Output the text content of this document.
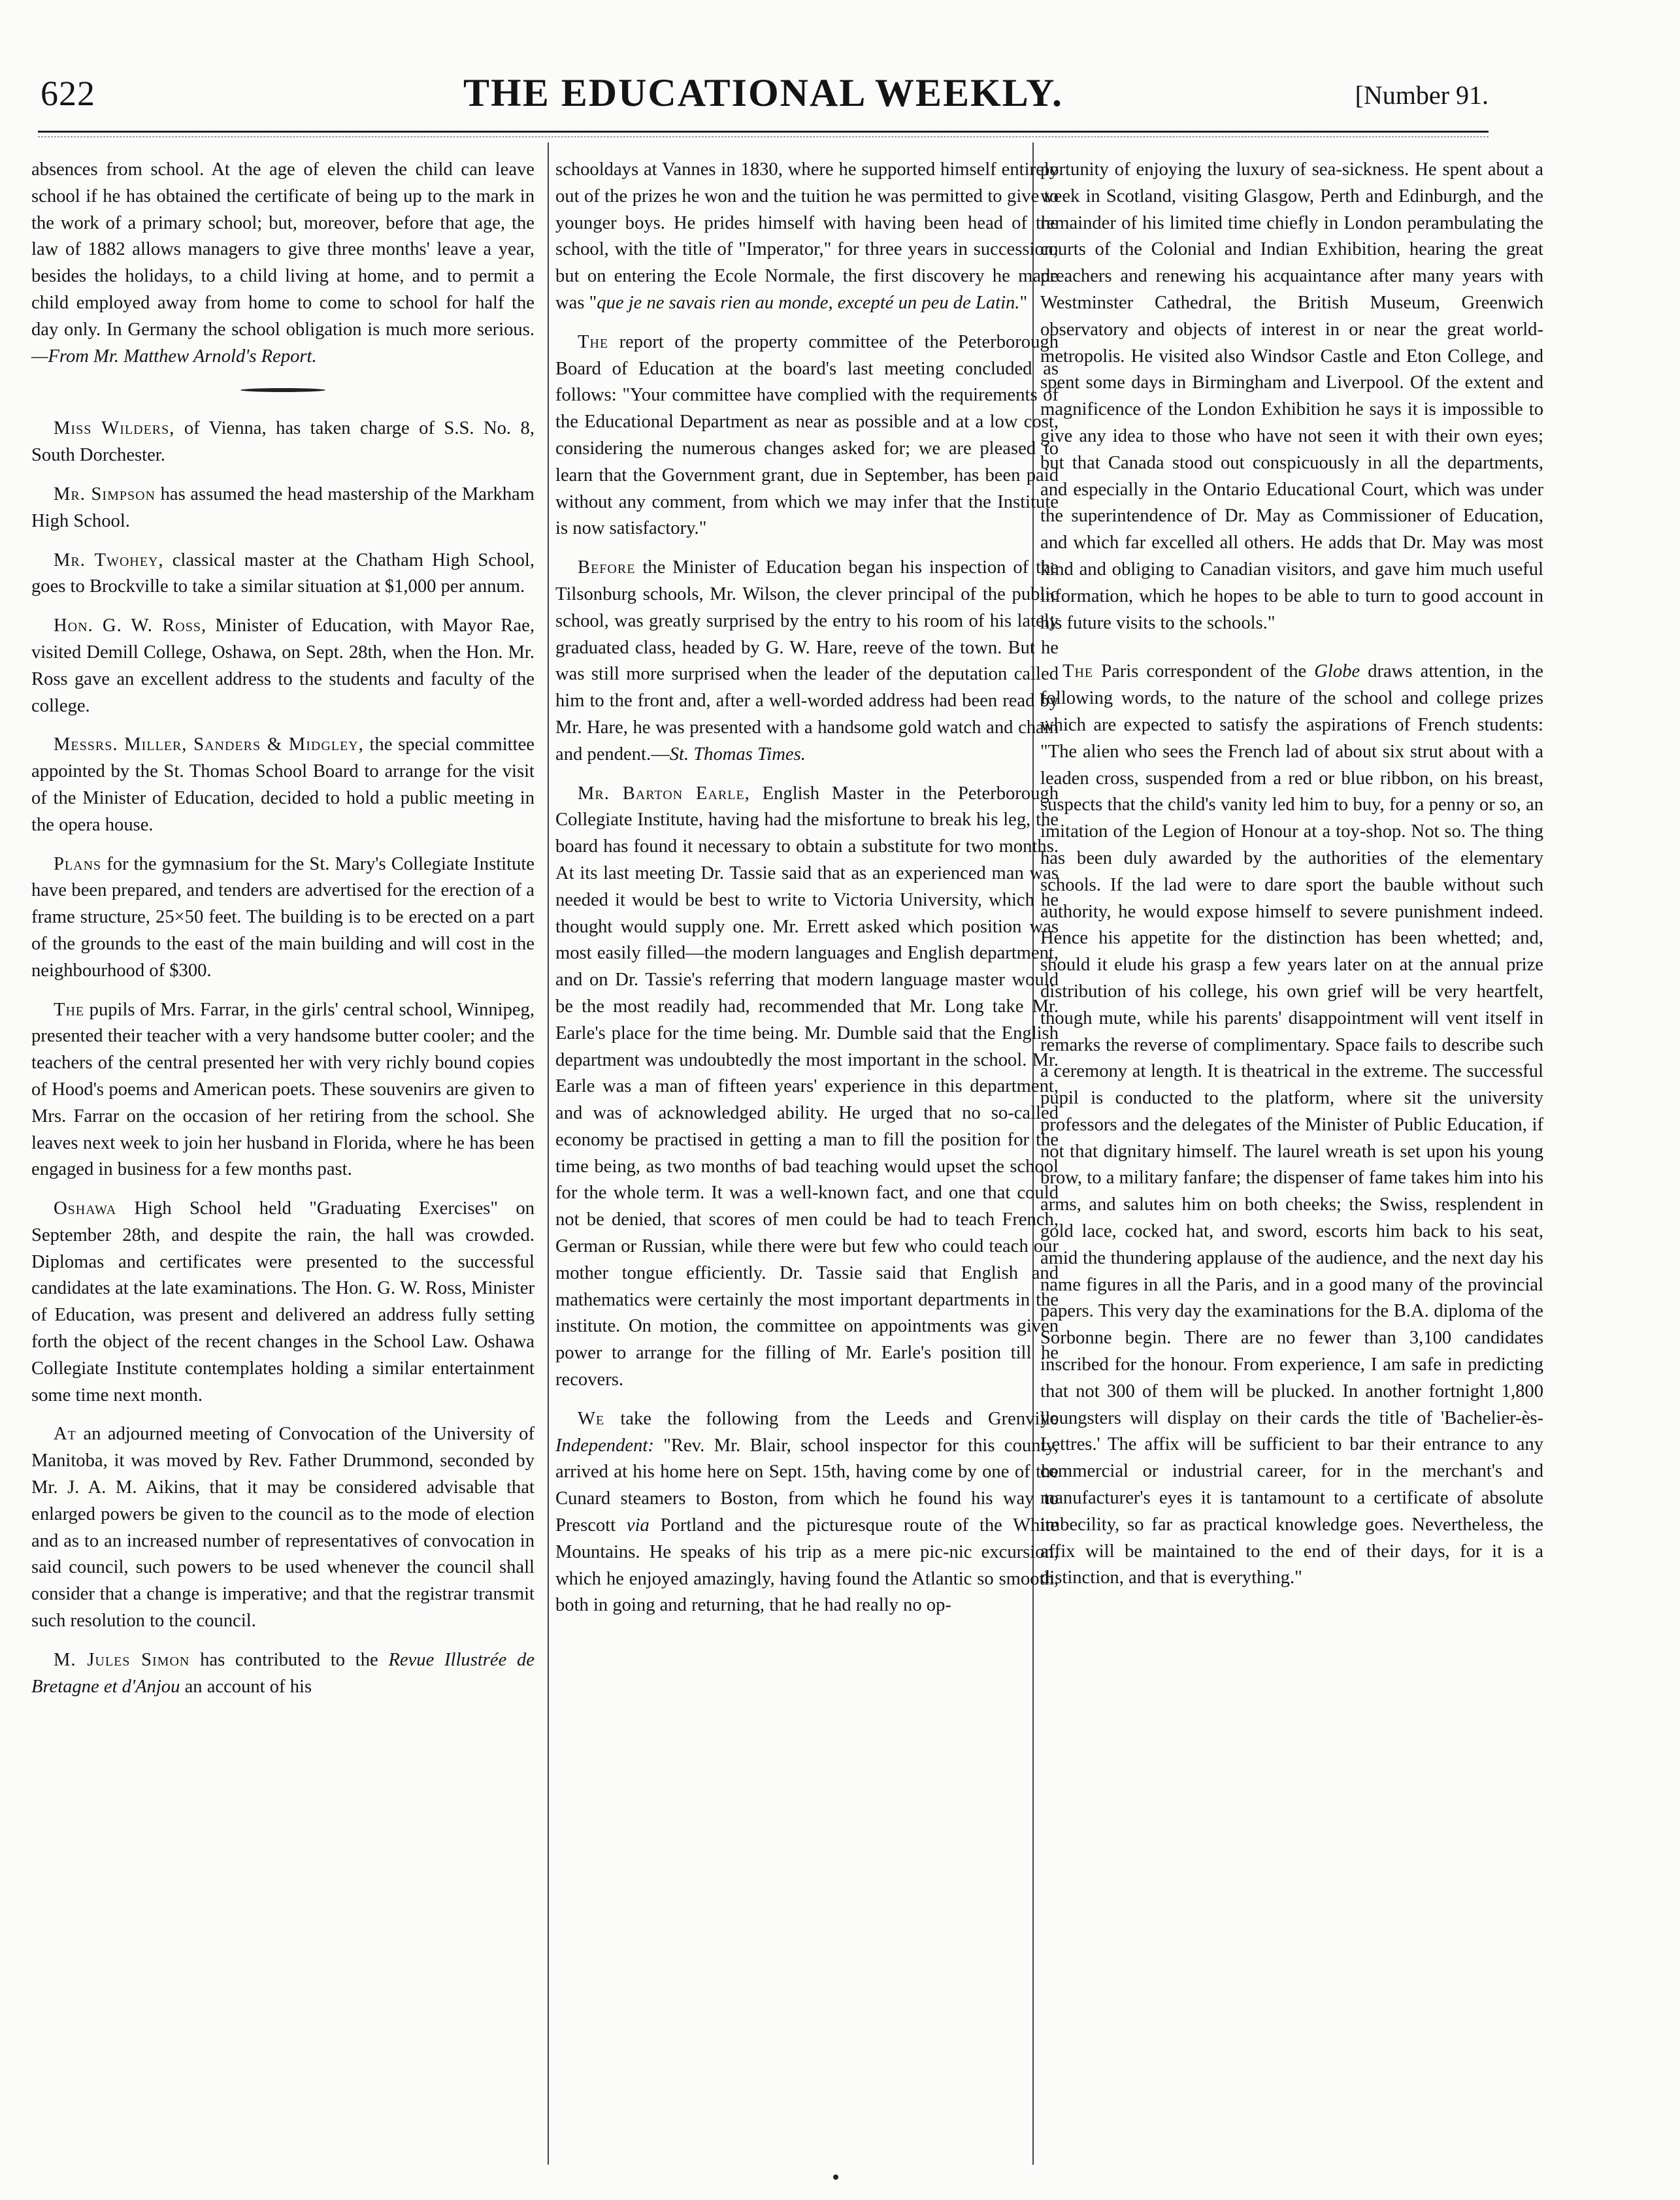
622	THE EDUCATIONAL WEEKLY.	[Number 91.

absences from school. At the age of eleven the child can leave school if he has obtained the certificate of being up to the mark in the work of a primary school; but, moreover, before that age, the law of 1882 allows managers to give three months' leave a year, besides the holidays, to a child living at home, and to permit a child employed away from home to come to school for half the day only. In Germany the school obligation is much more serious.—From Mr. Matthew Arnold's Report.

Miss Wilders, of Vienna, has taken charge of S.S. No. 8, South Dorchester.

Mr. Simpson has assumed the head mastership of the Markham High School.

Mr. Twohey, classical master at the Chatham High School, goes to Brockville to take a similar situation at $1,000 per annum.

Hon. G. W. Ross, Minister of Education, with Mayor Rae, visited Demill College, Oshawa, on Sept. 28th, when the Hon. Mr. Ross gave an excellent address to the students and faculty of the college.

Messrs. Miller, Sanders & Midgley, the special committee appointed by the St. Thomas School Board to arrange for the visit of the Minister of Education, decided to hold a public meeting in the opera house.

Plans for the gymnasium for the St. Mary's Collegiate Institute have been prepared, and tenders are advertised for the erection of a frame structure, 25×50 feet. The building is to be erected on a part of the grounds to the east of the main building and will cost in the neighbourhood of $300.

The pupils of Mrs. Farrar, in the girls' central school, Winnipeg, presented their teacher with a very handsome butter cooler; and the teachers of the central presented her with very richly bound copies of Hood's poems and American poets. These souvenirs are given to Mrs. Farrar on the occasion of her retiring from the school. She leaves next week to join her husband in Florida, where he has been engaged in business for a few months past.

Oshawa High School held "Graduating Exercises" on September 28th, and despite the rain, the hall was crowded. Diplomas and certificates were presented to the successful candidates at the late examinations. The Hon. G. W. Ross, Minister of Education, was present and delivered an address fully setting forth the object of the recent changes in the School Law. Oshawa Collegiate Institute contemplates holding a similar entertainment some time next month.

At an adjourned meeting of Convocation of the University of Manitoba, it was moved by Rev. Father Drummond, seconded by Mr. J. A. M. Aikins, that it may be considered advisable that enlarged powers be given to the council as to the mode of election and as to an increased number of representatives of convocation in said council, such powers to be used whenever the council shall consider that a change is imperative; and that the registrar transmit such resolution to the council.

M. Jules Simon has contributed to the Revue Illustrée de Bretagne et d'Anjou an account of his

schooldays at Vannes in 1830, where he supported himself entirely out of the prizes he won and the tuition he was permitted to give to younger boys. He prides himself with having been head of the school, with the title of "Imperator," for three years in succession; but on entering the Ecole Normale, the first discovery he made was "que je ne savais rien au monde, excepté un peu de Latin."

The report of the property committee of the Peterborough Board of Education at the board's last meeting concluded as follows: "Your committee have complied with the requirements of the Educational Department as near as possible and at a low cost, considering the numerous changes asked for; we are pleased to learn that the Government grant, due in September, has been paid without any comment, from which we may infer that the Institute is now satisfactory."

Before the Minister of Education began his inspection of the Tilsonburg schools, Mr. Wilson, the clever principal of the public school, was greatly surprised by the entry to his room of his lately graduated class, headed by G. W. Hare, reeve of the town. But he was still more surprised when the leader of the deputation called him to the front and, after a well-worded address had been read by Mr. Hare, he was presented with a handsome gold watch and chain and pendent.—St. Thomas Times.

Mr. Barton Earle, English Master in the Peterborough Collegiate Institute, having had the misfortune to break his leg, the board has found it necessary to obtain a substitute for two months. At its last meeting Dr. Tassie said that as an experienced man was needed it would be best to write to Victoria University, which he thought would supply one. Mr. Errett asked which position was most easily filled—the modern languages and English department, and on Dr. Tassie's referring that modern language master would be the most readily had, recommended that Mr. Long take Mr. Earle's place for the time being. Mr. Dumble said that the English department was undoubtedly the most important in the school. Mr. Earle was a man of fifteen years' experience in this department, and was of acknowledged ability. He urged that no so-called economy be practised in getting a man to fill the position for the time being, as two months of bad teaching would upset the school for the whole term. It was a well-known fact, and one that could not be denied, that scores of men could be had to teach French, German or Russian, while there were but few who could teach our mother tongue efficiently. Dr. Tassie said that English and mathematics were certainly the most important departments in the institute. On motion, the committee on appointments was given power to arrange for the filling of Mr. Earle's position till he recovers.

We take the following from the Leeds and Grenville Independent: "Rev. Mr. Blair, school inspector for this county, arrived at his home here on Sept. 15th, having come by one of the Cunard steamers to Boston, from which he found his way to Prescott via Portland and the picturesque route of the White Mountains. He speaks of his trip as a mere pic-nic excursion, which he enjoyed amazingly, having found the Atlantic so smooth, both in going and returning, that he had really no op-

portunity of enjoying the luxury of sea-sickness. He spent about a week in Scotland, visiting Glasgow, Perth and Edinburgh, and the remainder of his limited time chiefly in London perambulating the courts of the Colonial and Indian Exhibition, hearing the great preachers and renewing his acquaintance after many years with Westminster Cathedral, the British Museum, Greenwich observatory and objects of interest in or near the great world-metropolis. He visited also Windsor Castle and Eton College, and spent some days in Birmingham and Liverpool. Of the extent and magnificence of the London Exhibition he says it is impossible to give any idea to those who have not seen it with their own eyes; but that Canada stood out conspicuously in all the departments, and especially in the Ontario Educational Court, which was under the superintendence of Dr. May as Commissioner of Education, and which far excelled all others. He adds that Dr. May was most kind and obliging to Canadian visitors, and gave him much useful information, which he hopes to be able to turn to good account in his future visits to the schools."

The Paris correspondent of the Globe draws attention, in the following words, to the nature of the school and college prizes which are expected to satisfy the aspirations of French students: "The alien who sees the French lad of about six strut about with a leaden cross, suspended from a red or blue ribbon, on his breast, suspects that the child's vanity led him to buy, for a penny or so, an imitation of the Legion of Honour at a toy-shop. Not so. The thing has been duly awarded by the authorities of the elementary schools. If the lad were to dare sport the bauble without such authority, he would expose himself to severe punishment indeed. Hence his appetite for the distinction has been whetted; and, should it elude his grasp a few years later on at the annual prize distribution of his college, his own grief will be very heartfelt, though mute, while his parents' disappointment will vent itself in remarks the reverse of complimentary. Space fails to describe such a ceremony at length. It is theatrical in the extreme. The successful pupil is conducted to the platform, where sit the university professors and the delegates of the Minister of Public Education, if not that dignitary himself. The laurel wreath is set upon his young brow, to a military fanfare; the dispenser of fame takes him into his arms, and salutes him on both cheeks; the Swiss, resplendent in gold lace, cocked hat, and sword, escorts him back to his seat, amid the thundering applause of the audience, and the next day his name figures in all the Paris, and in a good many of the provincial papers. This very day the examinations for the B.A. diploma of the Sorbonne begin. There are no fewer than 3,100 candidates inscribed for the honour. From experience, I am safe in predicting that not 300 of them will be plucked. In another fortnight 1,800 youngsters will display on their cards the title of 'Bachelier-ès-Lettres.' The affix will be sufficient to bar their entrance to any commercial or industrial career, for in the merchant's and manufacturer's eyes it is tantamount to a certificate of absolute imbecility, so far as practical knowledge goes. Nevertheless, the affix will be maintained to the end of their days, for it is a distinction, and that is everything."
